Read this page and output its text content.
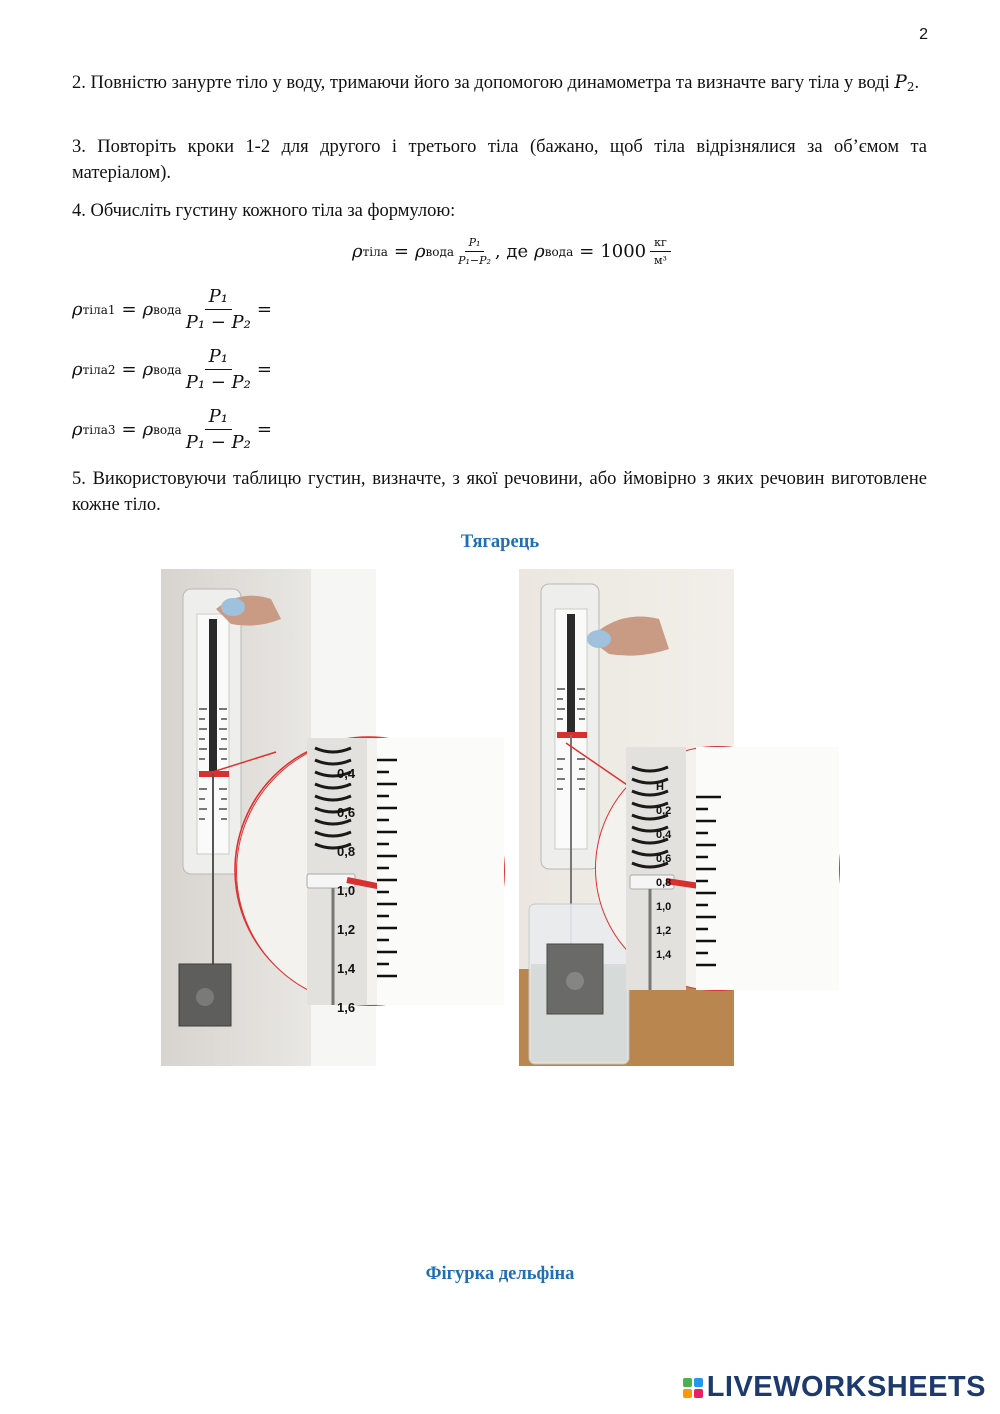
2
2. Повністю занурте тіло у воду, тримаючи його за допомогою динамометра та визначте вагу тіла у воді $P_2$.
3. Повторіть кроки 1-2 для другого і третього тіла (бажано, щоб тіла відрізнялися за об’ємом та матеріалом).
4. Обчисліть густину кожного тіла за формулою:
ρ тіла = ρ вода $\frac{\text{P₁}}{\text{P₁−P₂}}$ , де ρ вода = $1000 \frac{кг}{\text{м³}}$
ρ тіла1 = ρ вода $\frac{\text{P₁}}{\text{P₁ − P₂}}$ =
ρ тіла2 = ρ вода $\frac{\text{P₁}}{\text{P₁ − P₂}}$ =
ρ тіла3 = ρ вода $\frac{\text{P₁}}{\text{P₁ − P₂}}$ =
5. Використовуючи таблицю густин, визначте, з якої речовини, або ймовірно з яких речовин виготовлене кожне тіло.
Тягарець
0,4
0,6
0,8
1,0
1,2
1,4
1,6
Н
0,2
0,4
0,6
0,8
1,0
1,2
1,4
Фігурка дельфіна
LIVEWORKSHEETS
